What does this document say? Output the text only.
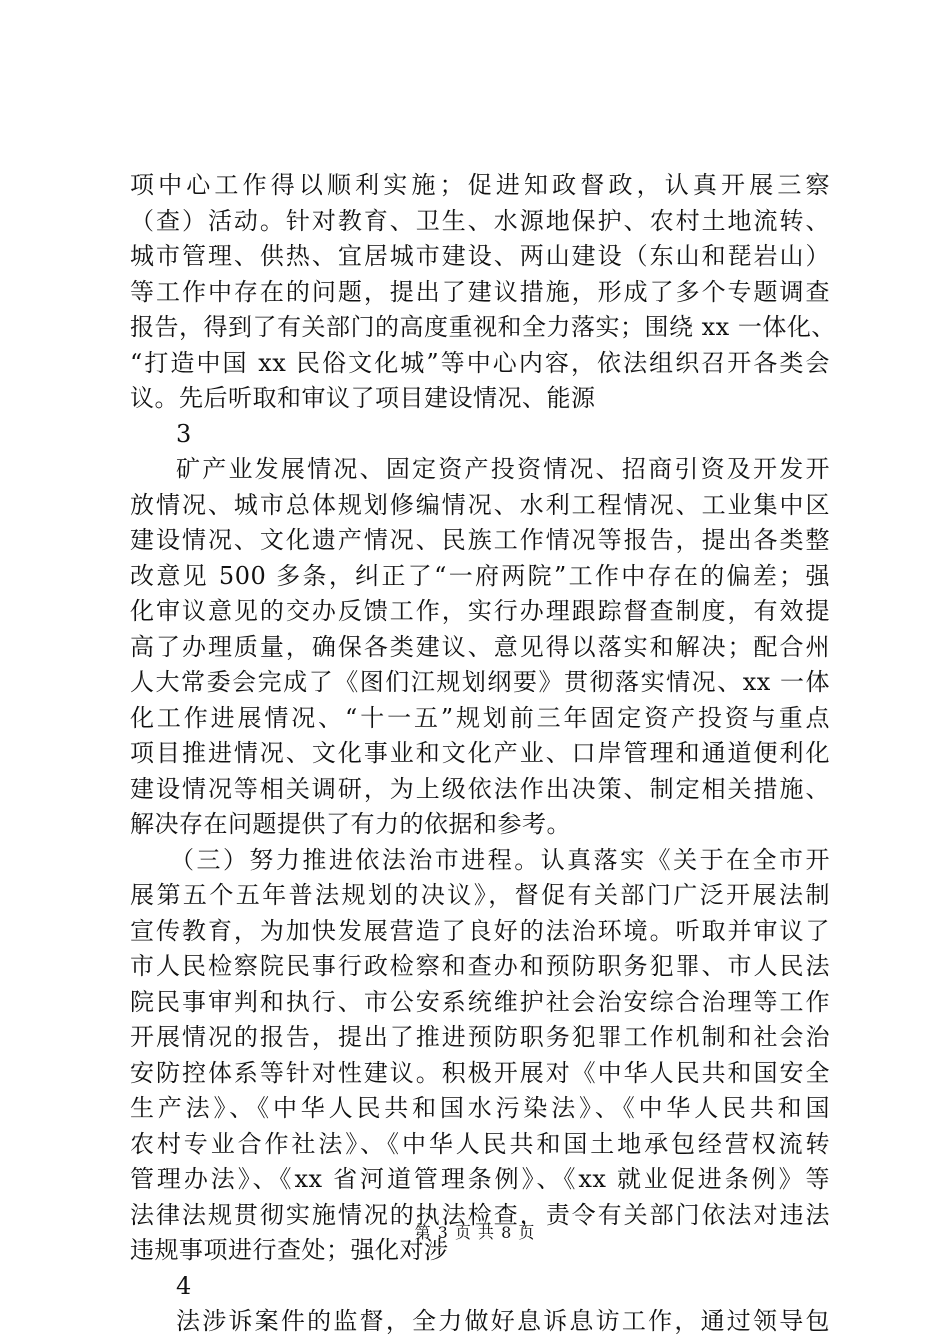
项中心工作得以顺利实施；促进知政督政，认真开展三察
（查）活动。针对教育、卫生、水源地保护、农村土地流转、
城市管理、供热、宜居城市建设、两山建设（东山和琵岩山）
等工作中存在的问题，提出了建议措施，形成了多个专题调查
报告，得到了有关部门的高度重视和全力落实；围绕 xx 一体化、
“打造中国 xx 民俗文化城”等中心内容，依法组织召开各类会
议。先后听取和审议了项目建设情况、能源
3
矿产业发展情况、固定资产投资情况、招商引资及开发开
放情况、城市总体规划修编情况、水利工程情况、工业集中区
建设情况、文化遗产情况、民族工作情况等报告，提出各类整
改意见 500 多条，纠正了“一府两院”工作中存在的偏差；强
化审议意见的交办反馈工作，实行办理跟踪督查制度，有效提
高了办理质量，确保各类建议、意见得以落实和解决；配合州
人大常委会完成了《图们江规划纲要》贯彻落实情况、xx 一体
化工作进展情况、“十一五”规划前三年固定资产投资与重点
项目推进情况、文化事业和文化产业、口岸管理和通道便利化
建设情况等相关调研，为上级依法作出决策、制定相关措施、
解决存在问题提供了有力的依据和参考。
（三）努力推进依法治市进程。认真落实《关于在全市开
展第五个五年普法规划的决议》，督促有关部门广泛开展法制
宣传教育，为加快发展营造了良好的法治环境。听取并审议了
市人民检察院民事行政检察和查办和预防职务犯罪、市人民法
院民事审判和执行、市公安系统维护社会治安综合治理等工作
开展情况的报告，提出了推进预防职务犯罪工作机制和社会治
安防控体系等针对性建议。积极开展对《中华人民共和国安全
生产法》、《中华人民共和国水污染法》、《中华人民共和国
农村专业合作社法》、《中华人民共和国土地承包经营权流转
管理办法》、《xx 省河道管理条例》、《xx 就业促进条例》等
法律法规贯彻实施情况的执法检查，责令有关部门依法对违法
违规事项进行查处；强化对涉
4
法涉诉案件的监督，全力做好息诉息访工作，通过领导包
第 3 页 共 8 页
